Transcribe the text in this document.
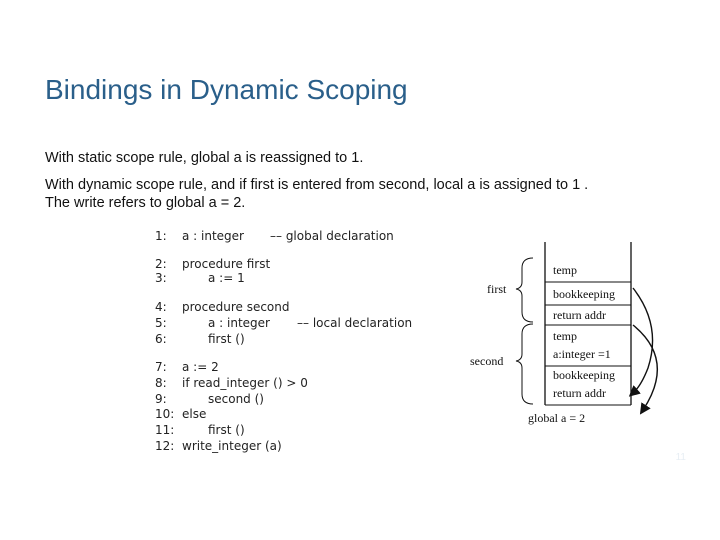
Bindings in Dynamic Scoping
With static scope rule, global a is reassigned to 1.
With dynamic scope rule, and if first is entered from second, local a is assigned to 1 .
The write refers to global a = 2.
1: a : integer –– global declaration
2: procedure first
3:	a := 1
4: procedure second
5:	a : integer –– local declaration
6:	first ()
7: a := 2
8: if read_integer () > 0
9:	second ()
10: else
11:	first ()
12: write_integer (a)
first
second
temp
bookkeeping
return addr
temp
a:integer =1
bookkeeping
return addr
global a = 2
11
